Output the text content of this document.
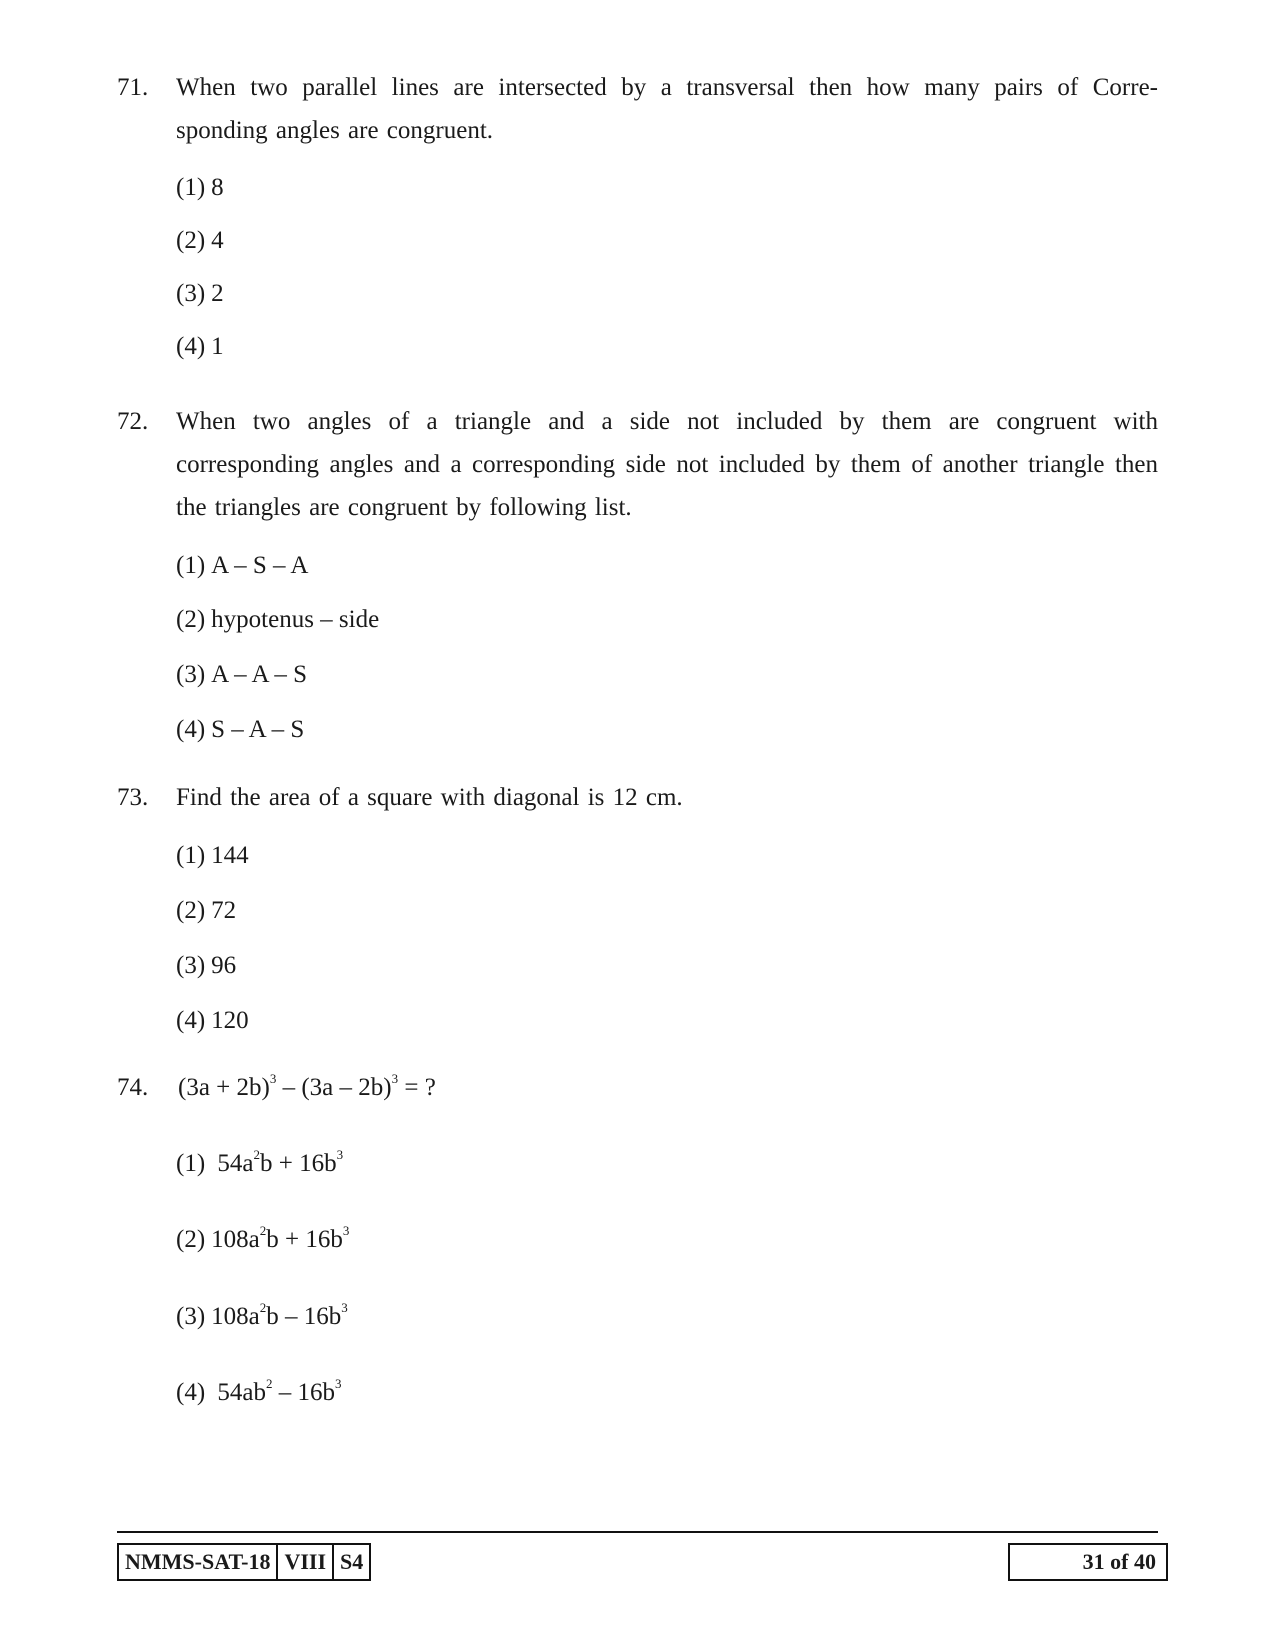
71. When two parallel lines are intersected by a transversal then how many pairs of Corre-sponding angles are congruent.
(1) 8
(2) 4
(3) 2
(4) 1
72. When two angles of a triangle and a side not included by them are congruent with corresponding angles and a corresponding side not included by them of another triangle then the triangles are congruent by following list.
(1) A – S – A
(2) hypotenus – side
(3) A – A – S
(4) S – A – S
73. Find the area of a square with diagonal is 12 cm.
(1) 144
(2) 72
(3) 96
(4) 120
74. $(3a + 2b)^3 - (3a - 2b)^3$ = ?
(1) $54a^2b + 16b^3$
(2) $108a^2b + 16b^3$
(3) $108a^2b - 16b^3$
(4) $54ab^2 - 16b^3$
NMMS-SAT-18 VIII S4	31 of 40
